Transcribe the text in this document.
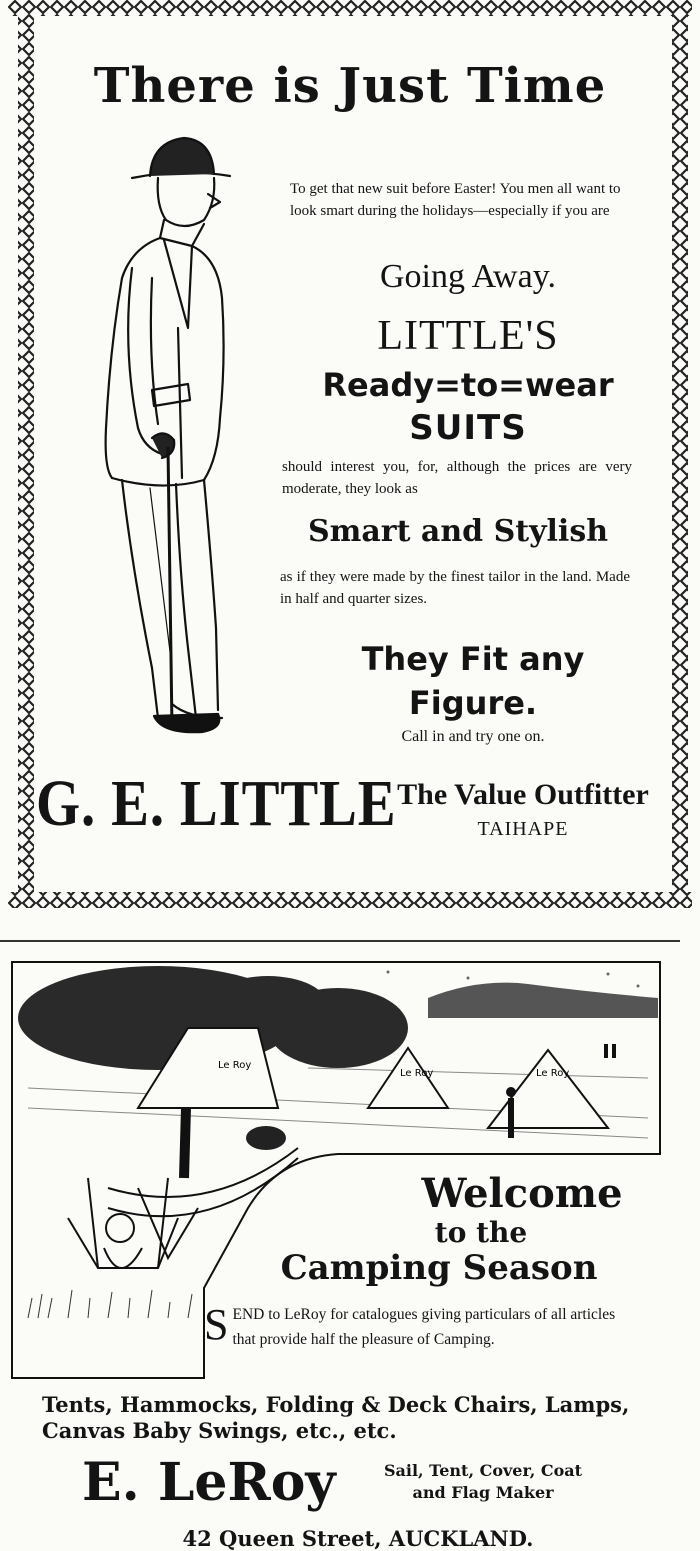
There is Just Time

To get that new suit before Easter! You men all want to look smart during the holidays—especially if you are

Going Away.

LITTLE'S

Ready=to=wear

SUITS

should interest you, for, although the prices are very moderate, they look as

Smart and Stylish

as if they were made by the finest tailor in the land. Made in half and quarter sizes.

They Fit any

Figure.

Call in and try one on.

G. E. LITTLE The Value Outfitter

TAIHAPE

Le Roy
Le Roy	Le Roy

Welcome

to the

Camping Season

SEND to LeRoy for catalogues giving particulars of all articles that provide half the pleasure of Camping.

Tents, Hammocks, Folding & Deck Chairs, Lamps, Canvas Baby Swings, etc., etc.

E. LeRoy	Sail, Tent, Cover, Coat
and Flag Maker

42 Queen Street, AUCKLAND.
